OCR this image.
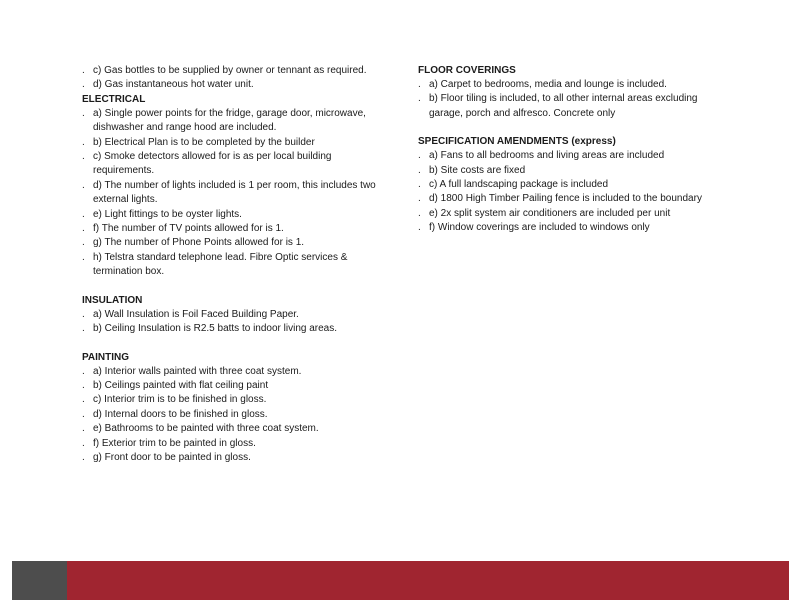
. c) Gas bottles to be supplied by owner or tennant as required.
. d) Gas instantaneous hot water unit.
ELECTRICAL
. a) Single power points for the fridge, garage door, microwave, dishwasher and range hood are included.
. b) Electrical Plan is to be completed by the builder
. c) Smoke detectors allowed for is as per local building requirements.
. d) The number of lights included is 1 per room, this includes two external lights.
. e) Light fittings to be oyster lights.
. f) The number of TV points allowed for is 1.
. g) The number of Phone Points allowed for is 1.
. h) Telstra standard telephone lead. Fibre Optic services & termination box.
INSULATION
. a) Wall Insulation is Foil Faced Building Paper.
. b) Ceiling Insulation is R2.5 batts to indoor living areas.
PAINTING
. a) Interior walls painted with three coat system.
. b) Ceilings painted with flat ceiling paint
. c) Interior trim is to be finished in gloss.
. d) Internal doors to be finished in gloss.
. e) Bathrooms to be painted with three coat system.
. f) Exterior trim to be painted in gloss.
. g) Front door to be painted in gloss.
FLOOR COVERINGS
. a) Carpet to bedrooms, media and lounge is included.
. b) Floor tiling is included, to all other internal areas excluding garage, porch and alfresco. Concrete only
SPECIFICATION AMENDMENTS (express)
. a) Fans to all bedrooms and living areas are included
. b) Site costs are fixed
. c) A full landscaping package is included
. d) 1800 High Timber Pailing fence is included to the boundary
. e) 2x split system air conditioners are included per unit
. f) Window coverings are included to windows only
